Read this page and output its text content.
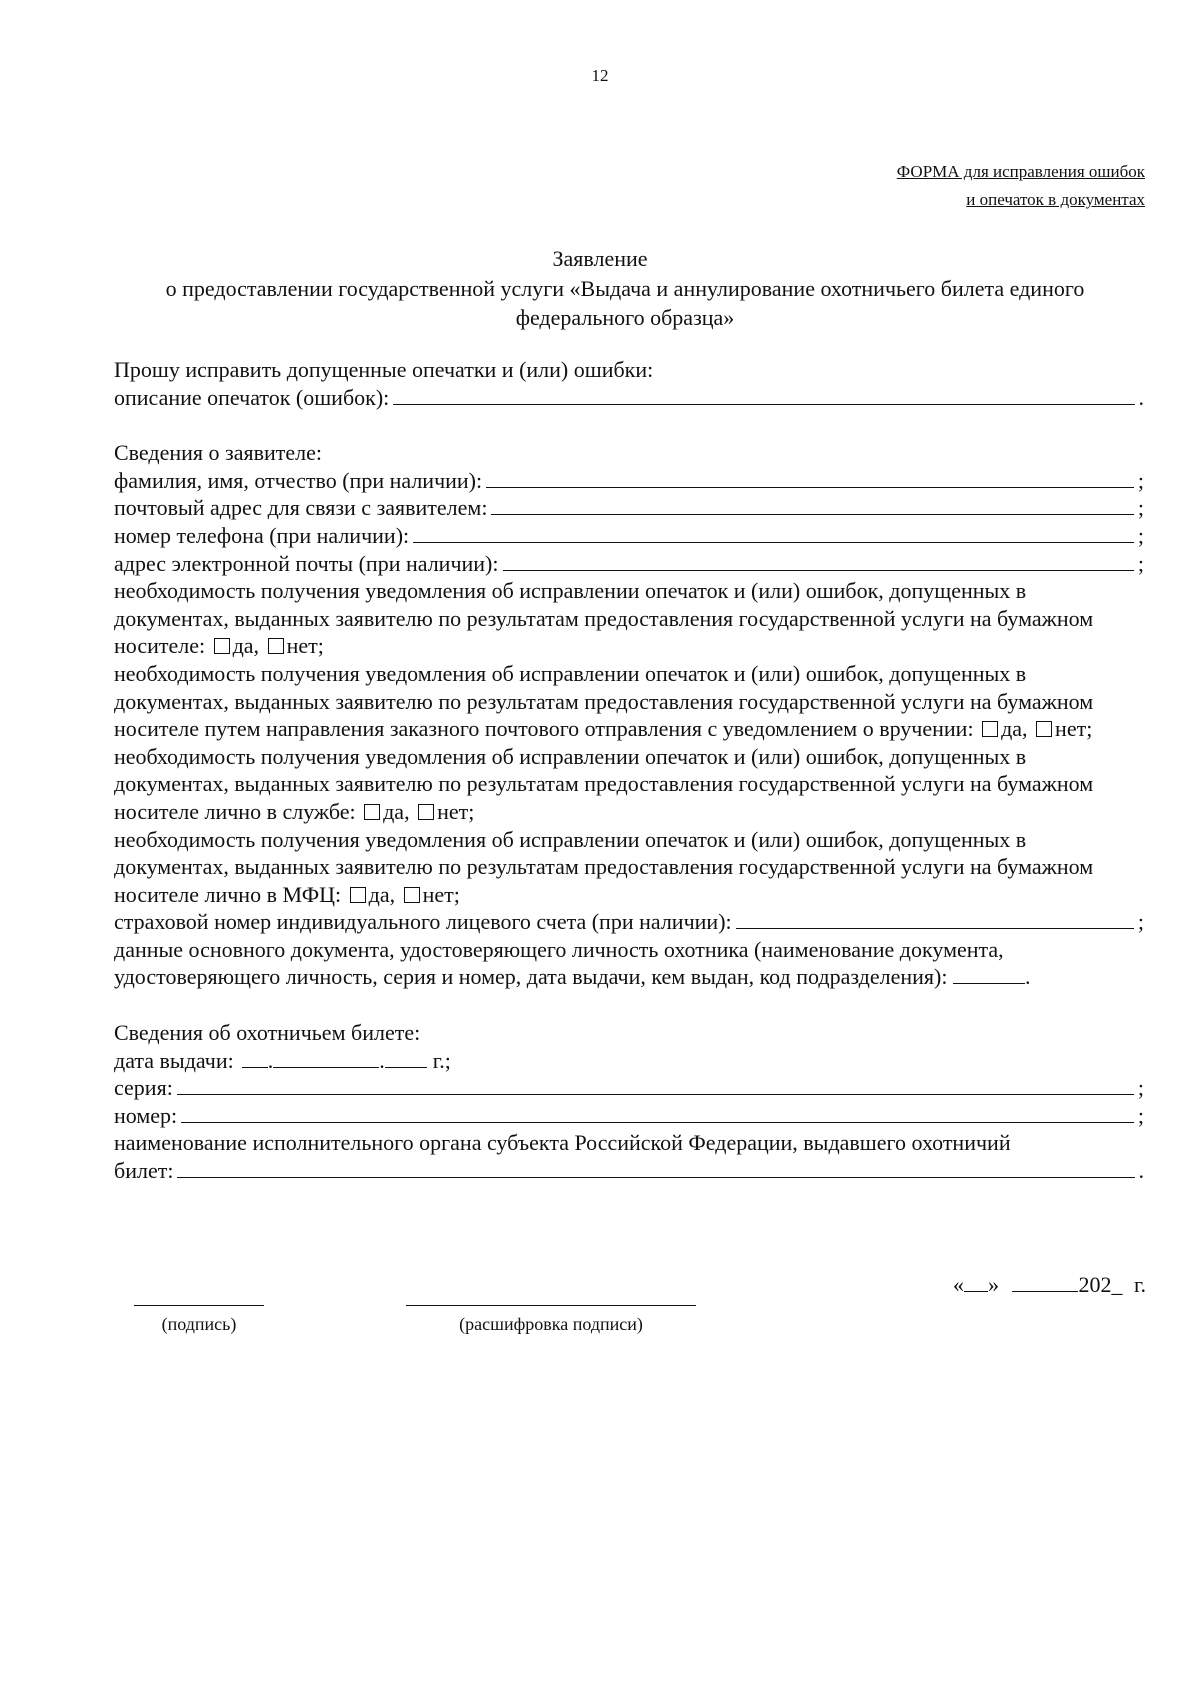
12
ФОРМА для исправления ошибок
и опечаток в документах
Заявление
о предоставлении государственной услуги «Выдача и аннулирование охотничьего билета единого федерального образца»
Прошу исправить допущенные опечатки и (или) ошибки:
описание опечаток (ошибок):	.
Сведения о заявителе:
фамилия, имя, отчество (при наличии):	;
почтовый адрес для связи с заявителем:	;
номер телефона (при наличии):	;
адрес электронной почты (при наличии):	;
необходимость получения уведомления об исправлении опечаток и (или) ошибок, допущенных в документах, выданных заявителю по результатам предоставления государственной услуги на бумажном носителе: да, нет;
необходимость получения уведомления об исправлении опечаток и (или) ошибок, допущенных в документах, выданных заявителю по результатам предоставления государственной услуги на бумажном носителе путем направления заказного почтового отправления с уведомлением о вручении: да, нет;
необходимость получения уведомления об исправлении опечаток и (или) ошибок, допущенных в документах, выданных заявителю по результатам предоставления государственной услуги на бумажном носителе лично в службе: да, нет;
необходимость получения уведомления об исправлении опечаток и (или) ошибок, допущенных в документах, выданных заявителю по результатам предоставления государственной услуги на бумажном носителе лично в МФЦ: да, нет;
страховой номер индивидуального лицевого счета (при наличии):	;
данные основного документа, удостоверяющего личность охотника (наименование документа, удостоверяющего личность, серия и номер, дата выдачи, кем выдан, код подразделения):	.
Сведения об охотничьем билете:
дата выдачи: .	. г.;
серия:	;
номер:	;
наименование исполнительного органа субъекта Российской Федерации, выдавшего охотничий
билет:	.
(подпись)	(расшифровка подписи)
« »	202_ г.
